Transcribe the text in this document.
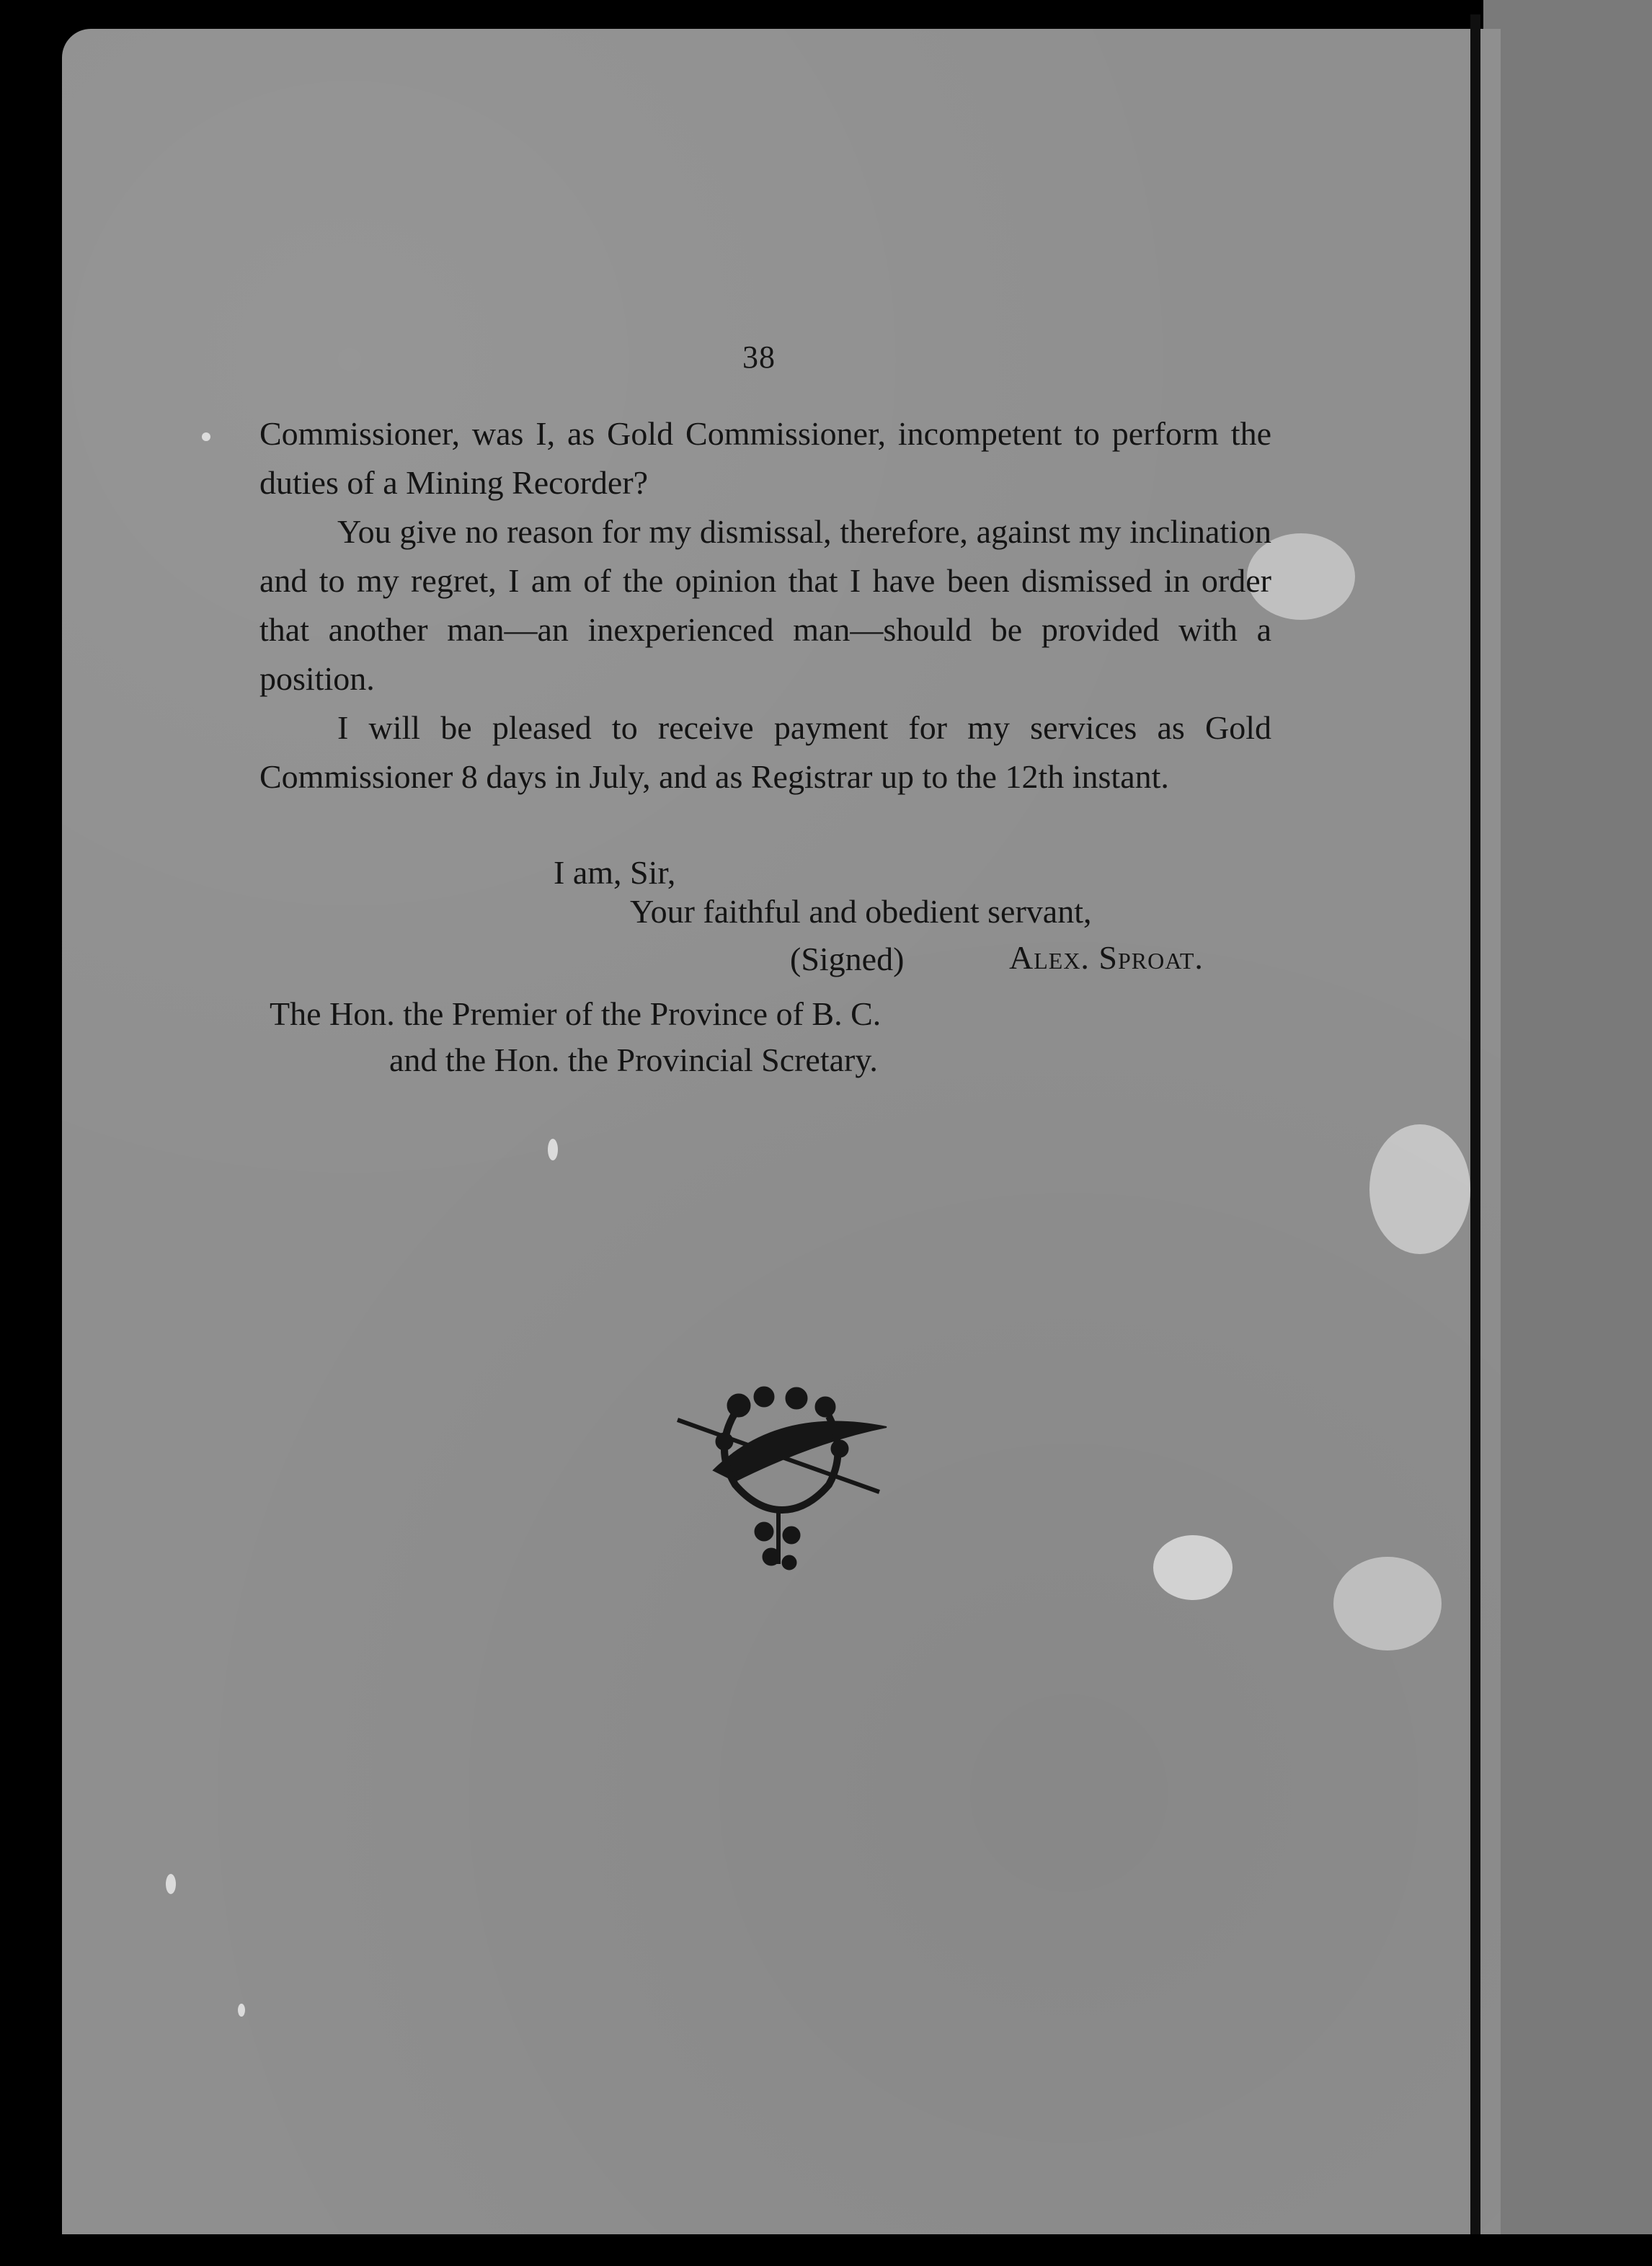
38

Commissioner, was I, as Gold Commissioner, incompetent to perform the duties of a Mining Recorder?

You give no reason for my dismissal, therefore, against my inclination and to my regret, I am of the opinion that I have been dismissed in order that another man—an inexperienced man—should be provided with a position.

I will be pleased to receive payment for my services as Gold Commissioner 8 days in July, and as Registrar up to the 12th instant.

I am, Sir,
Your faithful and obedient servant,
(Signed)	Alex. Sproat.
The Hon. the Premier of the Province of B. C.
and the Hon. the Provincial Scretary.
